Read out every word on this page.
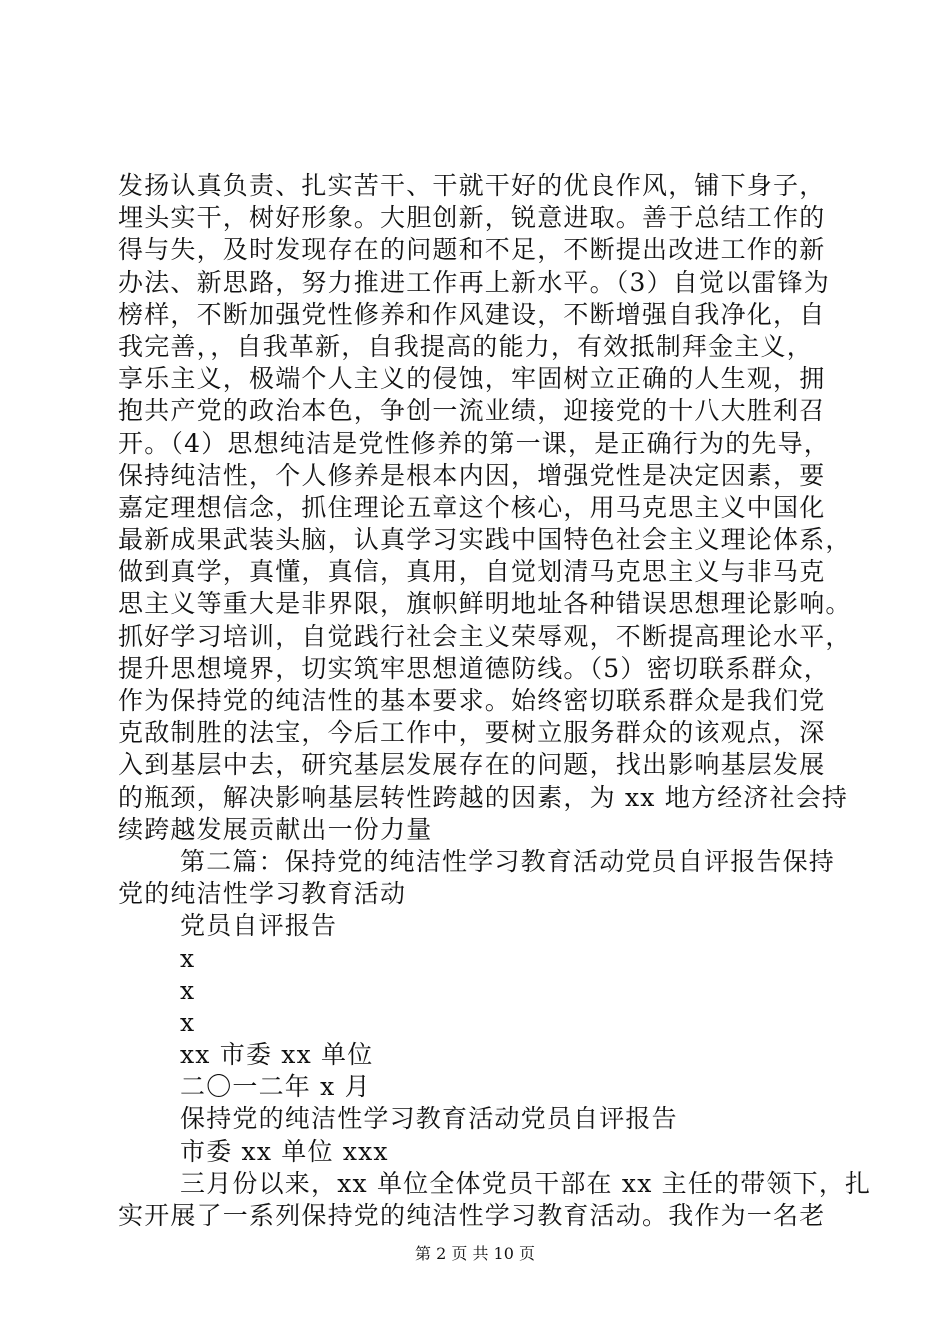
发扬认真负责、扎实苦干、干就干好的优良作风，铺下身子，
埋头实干，树好形象。大胆创新，锐意进取。善于总结工作的
得与失，及时发现存在的问题和不足，不断提出改进工作的新
办法、新思路，努力推进工作再上新水平。（3）自觉以雷锋为
榜样，不断加强党性修养和作风建设，不断增强自我净化，自
我完善，，自我革新，自我提高的能力，有效抵制拜金主义，
享乐主义，极端个人主义的侵蚀，牢固树立正确的人生观，拥
抱共产党的政治本色，争创一流业绩，迎接党的十八大胜利召
开。（4）思想纯洁是党性修养的第一课，是正确行为的先导，
保持纯洁性，个人修养是根本内因，增强党性是决定因素，要
嘉定理想信念，抓住理论五章这个核心，用马克思主义中国化
最新成果武装头脑，认真学习实践中国特色社会主义理论体系，
做到真学，真懂，真信，真用，自觉划清马克思主义与非马克
思主义等重大是非界限，旗帜鲜明地址各种错误思想理论影响。
抓好学习培训，自觉践行社会主义荣辱观，不断提高理论水平，
提升思想境界，切实筑牢思想道德防线。（5）密切联系群众，
作为保持党的纯洁性的基本要求。始终密切联系群众是我们党
克敌制胜的法宝，今后工作中，要树立服务群众的该观点，深
入到基层中去，研究基层发展存在的问题，找出影响基层发展
的瓶颈，解决影响基层转性跨越的因素，为 xx 地方经济社会持
续跨越发展贡献出一份力量
第二篇：保持党的纯洁性学习教育活动党员自评报告保持
党的纯洁性学习教育活动
党员自评报告
x
x
x
xx 市委 xx 单位
二〇一二年 x 月
保持党的纯洁性学习教育活动党员自评报告
市委 xx 单位 xxx
三月份以来，xx 单位全体党员干部在 xx 主任的带领下，扎
实开展了一系列保持党的纯洁性学习教育活动。我作为一名老
第 2 页 共 10 页
